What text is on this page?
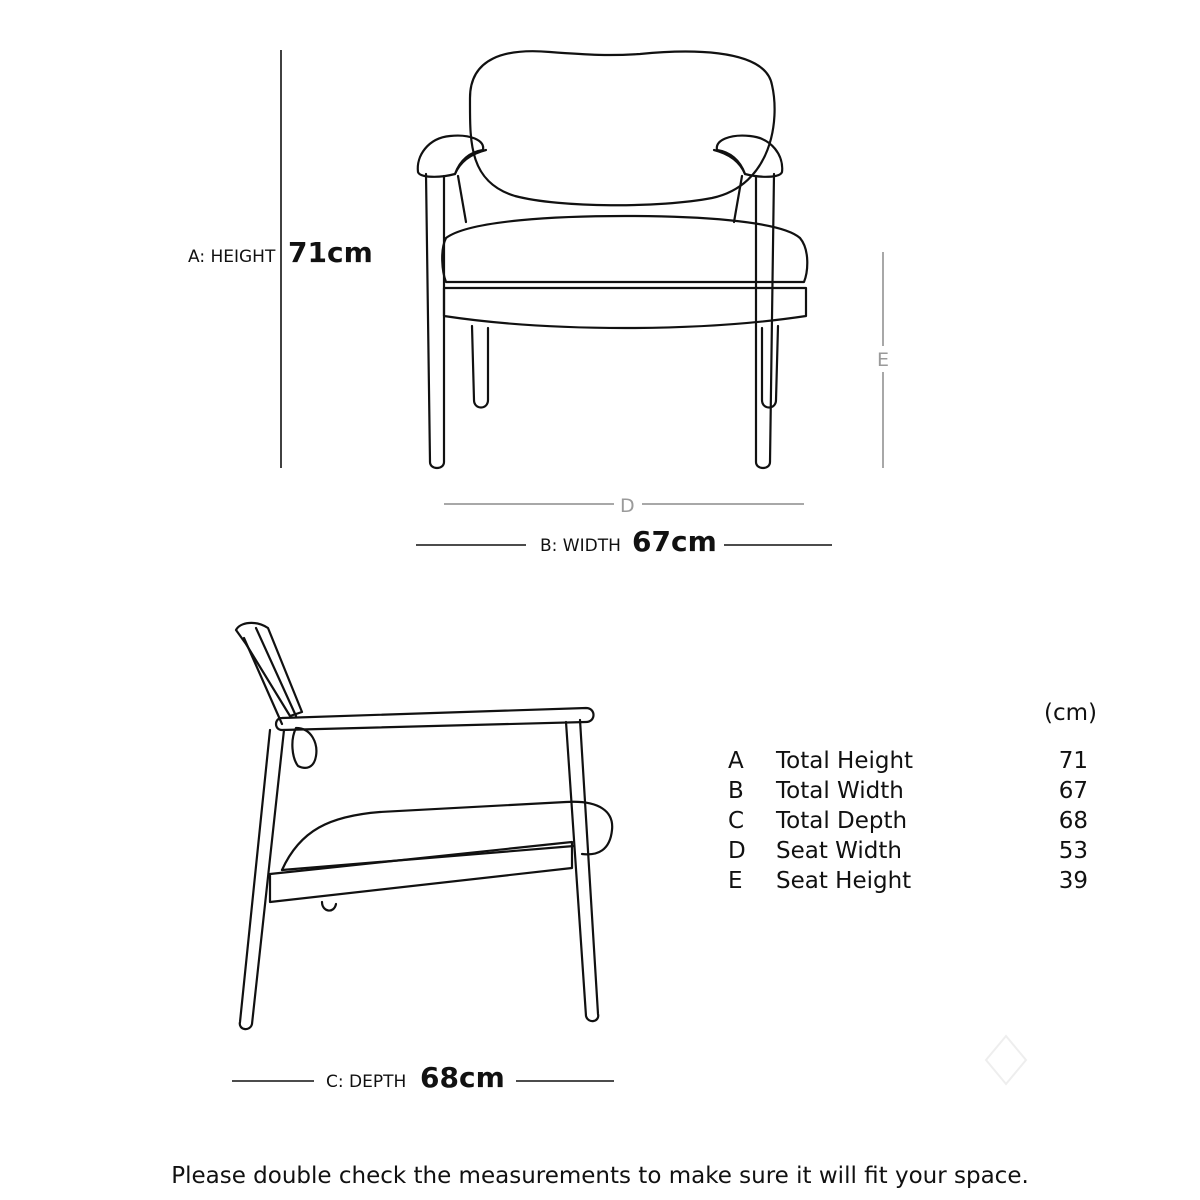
A: HEIGHT 71cm
E
D
B: WIDTH 67cm
C: DEPTH 68cm
(cm)
A Total Height	71
B Total Width	67
C Total Depth	68
D Seat Width	53
E Seat Height	39
Please double check the measurements to make sure it will fit your space.
